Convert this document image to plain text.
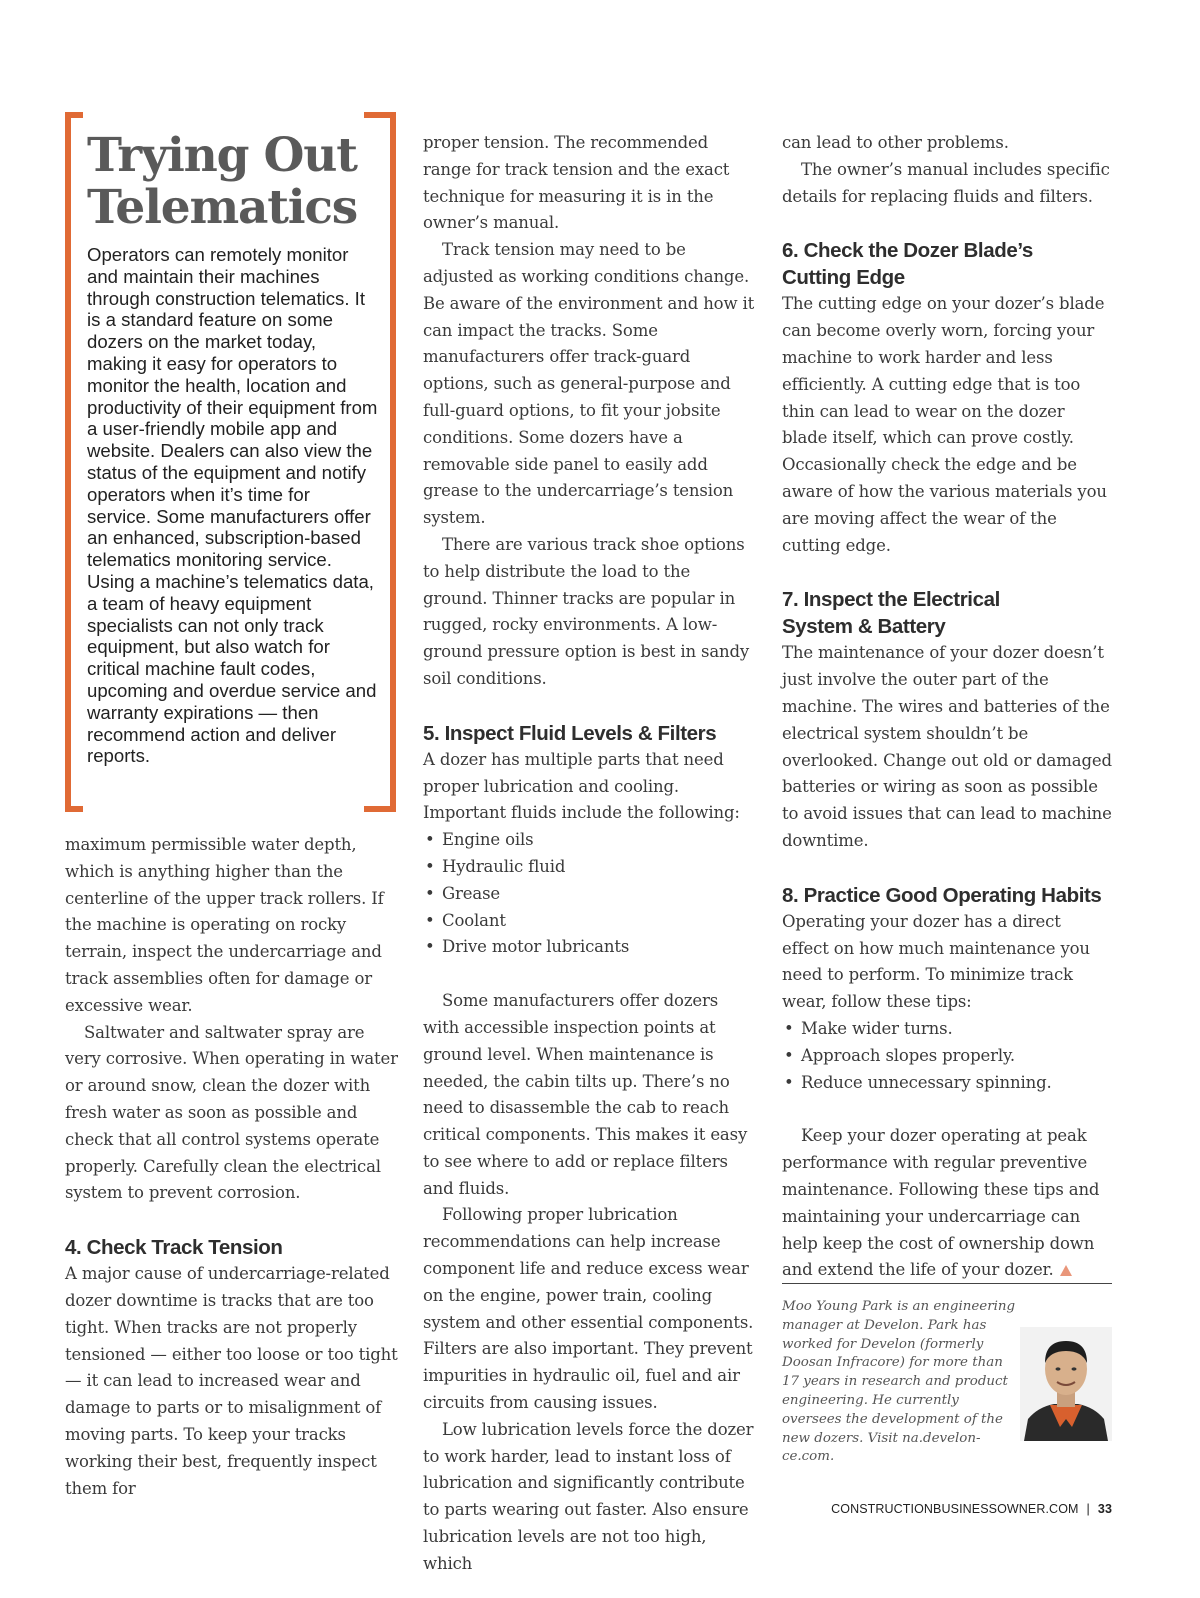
Trying Out
Telematics

Operators can remotely monitor and maintain their machines through construction telematics. It is a standard feature on some dozers on the market today, making it easy for operators to monitor the health, location and productivity of their equipment from a user-friendly mobile app and website. Dealers can also view the status of the equipment and notify operators when it’s time for service. Some manufacturers offer an enhanced, subscription-based telematics monitoring service. Using a machine’s telematics data, a team of heavy equipment specialists can not only track equipment, but also watch for critical machine fault codes, upcoming and overdue service and warranty expirations — then recommend action and deliver reports.

maximum permissible water depth, which is anything higher than the centerline of the upper track rollers. If the machine is operating on rocky terrain, inspect the undercarriage and track assemblies often for damage or excessive wear.

Saltwater and saltwater spray are very corrosive. When operating in water or around snow, clean the dozer with fresh water as soon as possible and check that all control systems operate properly. Carefully clean the electrical system to prevent corrosion.

4. Check Track Tension

A major cause of undercarriage-related dozer downtime is tracks that are too tight. When tracks are not properly tensioned — either too loose or too tight — it can lead to increased wear and damage to parts or to misalignment of moving parts. To keep your tracks working their best, frequently inspect them for

proper tension. The recommended range for track tension and the exact technique for measuring it is in the owner’s manual.

Track tension may need to be adjusted as working conditions change. Be aware of the environment and how it can impact the tracks. Some manufacturers offer track-guard options, such as general-purpose and full-guard options, to fit your jobsite conditions. Some dozers have a removable side panel to easily add grease to the undercarriage’s tension system.

There are various track shoe options to help distribute the load to the ground. Thinner tracks are popular in rugged, rocky environments. A low-ground pressure option is best in sandy soil conditions.

5. Inspect Fluid Levels & Filters

A dozer has multiple parts that need proper lubrication and cooling. Important fluids include the following:

• Engine oils
• Hydraulic fluid
• Grease
• Coolant
• Drive motor lubricants

Some manufacturers offer dozers with accessible inspection points at ground level. When maintenance is needed, the cabin tilts up. There’s no need to disassemble the cab to reach critical components. This makes it easy to see where to add or replace filters and fluids.

Following proper lubrication recommendations can help increase component life and reduce excess wear on the engine, power train, cooling system and other essential components. Filters are also important. They prevent impurities in hydraulic oil, fuel and air circuits from causing issues.

Low lubrication levels force the dozer to work harder, lead to instant loss of lubrication and significantly contribute to parts wearing out faster. Also ensure lubrication levels are not too high, which

can lead to other problems.

The owner’s manual includes specific details for replacing fluids and filters.

6. Check the Dozer Blade’s
Cutting Edge

The cutting edge on your dozer’s blade can become overly worn, forcing your machine to work harder and less efficiently. A cutting edge that is too thin can lead to wear on the dozer blade itself, which can prove costly. Occasionally check the edge and be aware of how the various materials you are moving affect the wear of the cutting edge.

7. Inspect the Electrical
System & Battery

The maintenance of your dozer doesn’t just involve the outer part of the machine. The wires and batteries of the electrical system shouldn’t be overlooked. Change out old or damaged batteries or wiring as soon as possible to avoid issues that can lead to machine downtime.

8. Practice Good Operating Habits

Operating your dozer has a direct effect on how much maintenance you need to perform. To minimize track wear, follow these tips:

• Make wider turns.
• Approach slopes properly.
• Reduce unnecessary spinning.

Keep your dozer operating at peak performance with regular preventive maintenance. Following these tips and maintaining your undercarriage can help keep the cost of ownership down and extend the life of your dozer.

Moo Young Park is an engineering manager at Develon. Park has worked for Develon (formerly Doosan Infracore) for more than 17 years in research and product engineering. He currently oversees the development of the new dozers. Visit na.develon-ce.com.

CONSTRUCTIONBUSINESSOWNER.COM | 33
